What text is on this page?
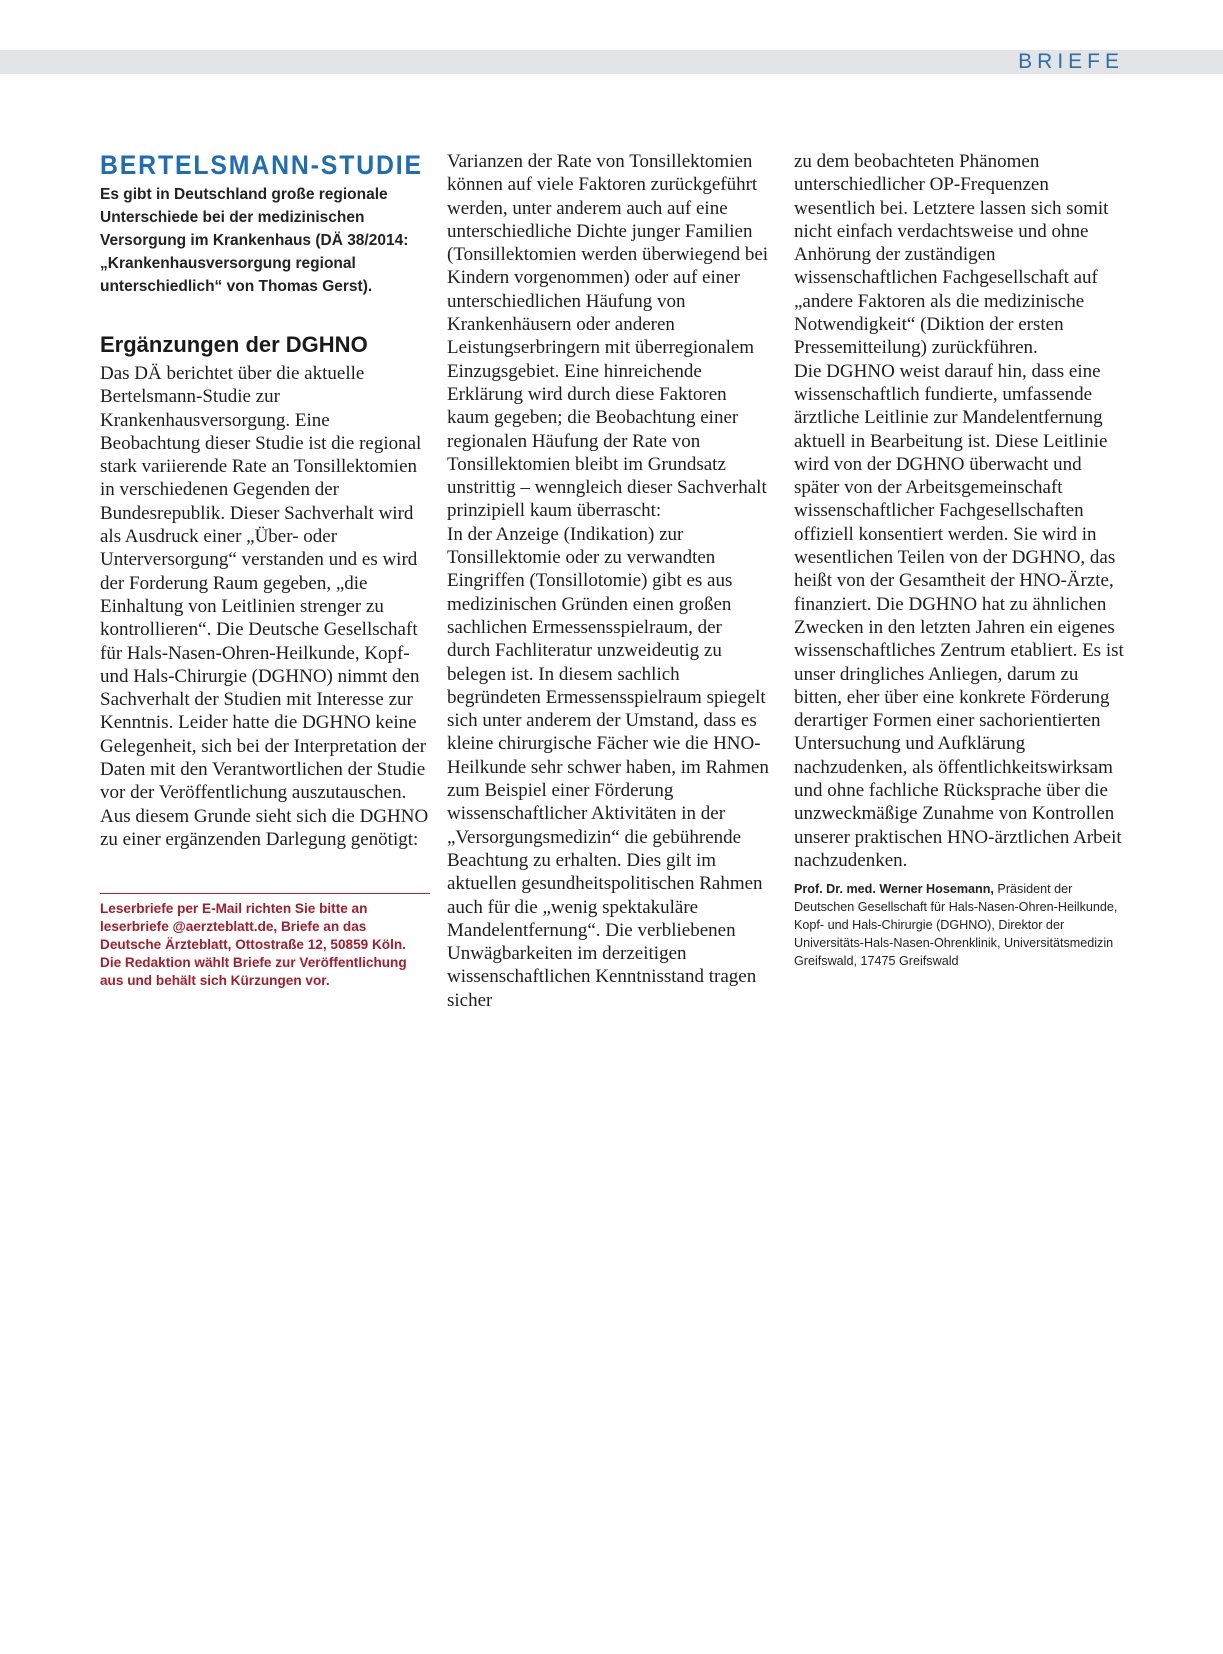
BRIEFE
BERTELSMANN-STUDIE

Es gibt in Deutschland große regionale Unterschiede bei der medizinischen Versorgung im Krankenhaus (DÄ 38/2014: „Krankenhausversorgung regional unterschiedlich“ von Thomas Gerst).

Ergänzungen der DGHNO

Das DÄ berichtet über die aktuelle Bertelsmann-Studie zur Krankenhausversorgung. Eine Beobachtung dieser Studie ist die regional stark variierende Rate an Tonsillektomien in verschiedenen Gegenden der Bundesrepublik. Dieser Sachverhalt wird als Ausdruck einer „Über- oder Unterversorgung“ verstanden und es wird der Forderung Raum gegeben, „die Einhaltung von Leitlinien strenger zu kontrollieren“. Die Deutsche Gesellschaft für Hals-Nasen-Ohren-Heilkunde, Kopf- und Hals-Chirurgie (DGHNO) nimmt den Sachverhalt der Studien mit Interesse zur Kenntnis. Leider hatte die DGHNO keine Gelegenheit, sich bei der Interpretation der Daten mit den Verantwortlichen der Studie vor der Veröffentlichung auszutauschen. Aus diesem Grunde sieht sich die DGHNO zu einer ergänzenden Darlegung genötigt:

Leserbriefe per E-Mail richten Sie bitte an leserbriefe @aerzteblatt.de, Briefe an das Deutsche Ärzteblatt, Ottostraße 12, 50859 Köln. Die Redaktion wählt Briefe zur Veröffentlichung aus und behält sich Kürzungen vor.

Varianzen der Rate von Tonsillektomien können auf viele Faktoren zurückgeführt werden, unter anderem auch auf eine unterschiedliche Dichte junger Familien (Tonsillektomien werden überwiegend bei Kindern vorgenommen) oder auf einer unterschiedlichen Häufung von Krankenhäusern oder anderen Leistungserbringern mit überregionalem Einzugsgebiet. Eine hinreichende Erklärung wird durch diese Faktoren kaum gegeben; die Beobachtung einer regionalen Häufung der Rate von Tonsillektomien bleibt im Grundsatz unstrittig – wenngleich dieser Sachverhalt prinzipiell kaum überrascht:

In der Anzeige (Indikation) zur Tonsillektomie oder zu verwandten Eingriffen (Tonsillotomie) gibt es aus medizinischen Gründen einen großen sachlichen Ermessensspielraum, der durch Fachliteratur unzweideutig zu belegen ist. In diesem sachlich begründeten Ermessensspielraum spiegelt sich unter anderem der Umstand, dass es kleine chirurgische Fächer wie die HNO-Heilkunde sehr schwer haben, im Rahmen zum Beispiel einer Förderung wissenschaftlicher Aktivitäten in der „Versorgungsmedizin“ die gebührende Beachtung zu erhalten. Dies gilt im aktuellen gesundheitspolitischen Rahmen auch für die „wenig spektakuläre Mandelentfernung“. Die verbliebenen Unwägbarkeiten im derzeitigen wissenschaftlichen Kenntnisstand tragen sicher

zu dem beobachteten Phänomen unterschiedlicher OP-Frequenzen wesentlich bei. Letztere lassen sich somit nicht einfach verdachtsweise und ohne Anhörung der zuständigen wissenschaftlichen Fachgesellschaft auf „andere Faktoren als die medizinische Notwendigkeit“ (Diktion der ersten Pressemitteilung) zurückführen.

Die DGHNO weist darauf hin, dass eine wissenschaftlich fundierte, umfassende ärztliche Leitlinie zur Mandelentfernung aktuell in Bearbeitung ist. Diese Leitlinie wird von der DGHNO überwacht und später von der Arbeitsgemeinschaft wissenschaftlicher Fachgesellschaften offiziell konsentiert werden. Sie wird in wesentlichen Teilen von der DGHNO, das heißt von der Gesamtheit der HNO-Ärzte, finanziert. Die DGHNO hat zu ähnlichen Zwecken in den letzten Jahren ein eigenes wissenschaftliches Zentrum etabliert. Es ist unser dringliches Anliegen, darum zu bitten, eher über eine konkrete Förderung derartiger Formen einer sachorientierten Untersuchung und Aufklärung nachzudenken, als öffentlichkeitswirksam und ohne fachliche Rücksprache über die unzweckmäßige Zunahme von Kontrollen unserer praktischen HNO-ärztlichen Arbeit nachzudenken.

Prof. Dr. med. Werner Hosemann, Präsident der Deutschen Gesellschaft für Hals-Nasen-Ohren-Heilkunde, Kopf- und Hals-Chirurgie (DGHNO), Direktor der Universitäts-Hals-Nasen-Ohrenklinik, Universitätsmedizin Greifswald, 17475 Greifswald
